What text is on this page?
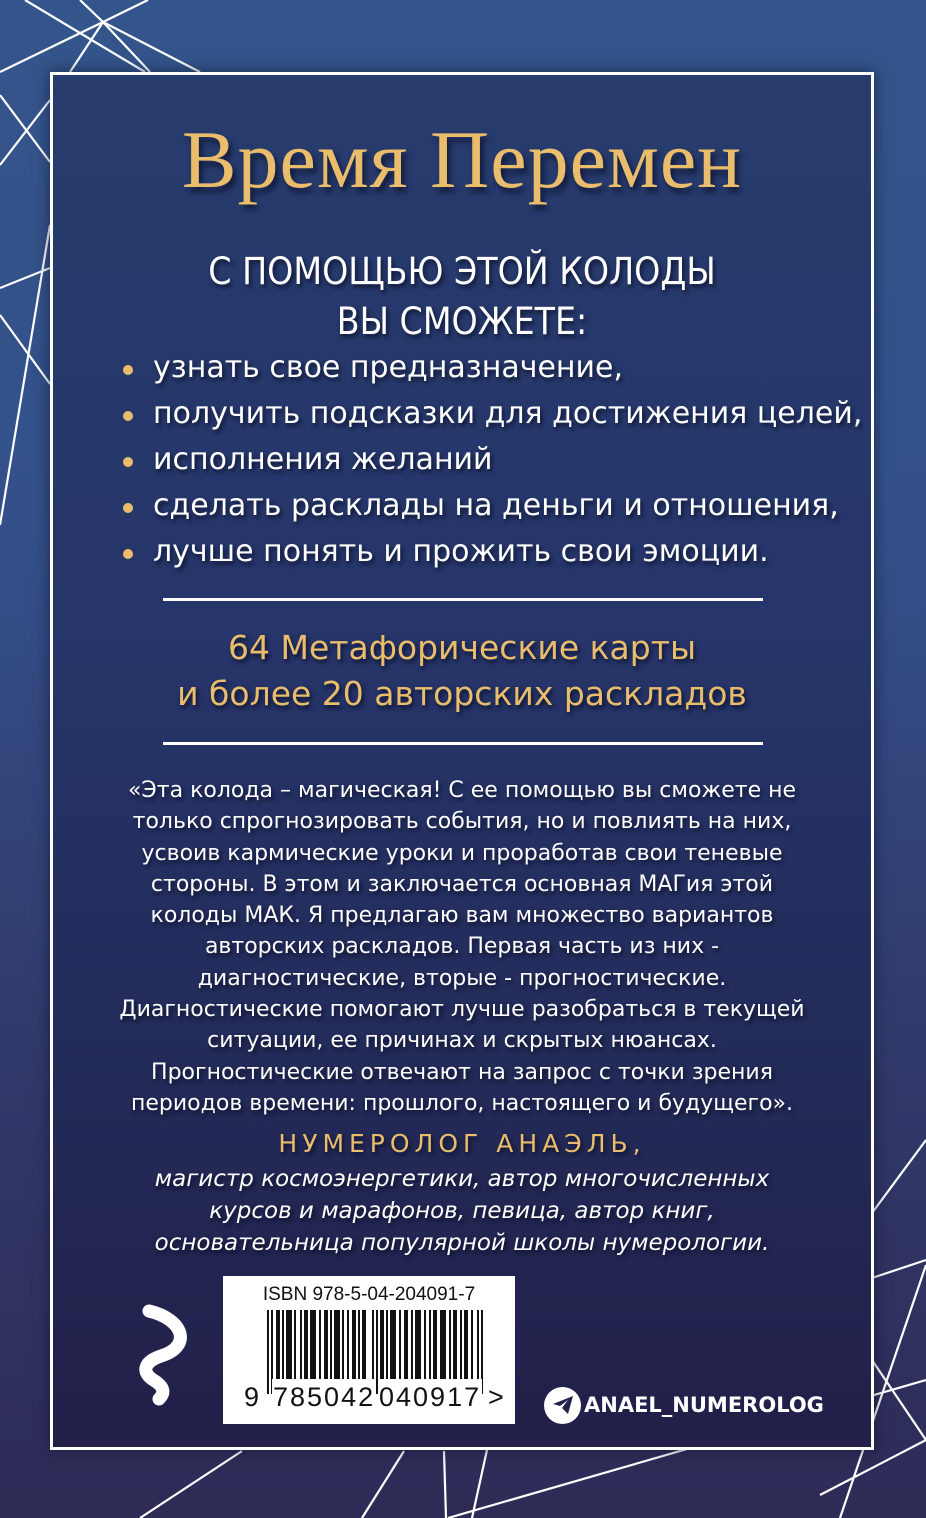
Время Перемен
С ПОМОЩЬЮ ЭТОЙ КОЛОДЫ
ВЫ СМОЖЕТЕ:
узнать свое предназначение,
получить подсказки для достижения целей,
исполнения желаний
сделать расклады на деньги и отношения,
лучше понять и прожить свои эмоции.
64 Метафорические карты
и более 20 авторских раскладов
«Эта колода – магическая! С ее помощью вы сможете не
только спрогнозировать события, но и повлиять на них,
усвоив кармические уроки и проработав свои теневые
стороны. В этом и заключается основная МАГия этой
колоды МАК. Я предлагаю вам множество вариантов
авторских раскладов. Первая часть из них -
диагностические, вторые - прогностические.
Диагностические помогают лучше разобраться в текущей
ситуации, ее причинах и скрытых нюансах.
Прогностические отвечают на запрос с точки зрения
периодов времени: прошлого, настоящего и будущего».
НУМЕРОЛОГ АНАЭЛЬ,
магистр космоэнергетики, автор многочисленных
курсов и марафонов, певица, автор книг,
основательница популярной школы нумерологии.
ISBN 978-5-04-204091-7
9 785042 040917 >	ANAEL_NUMEROLOG
